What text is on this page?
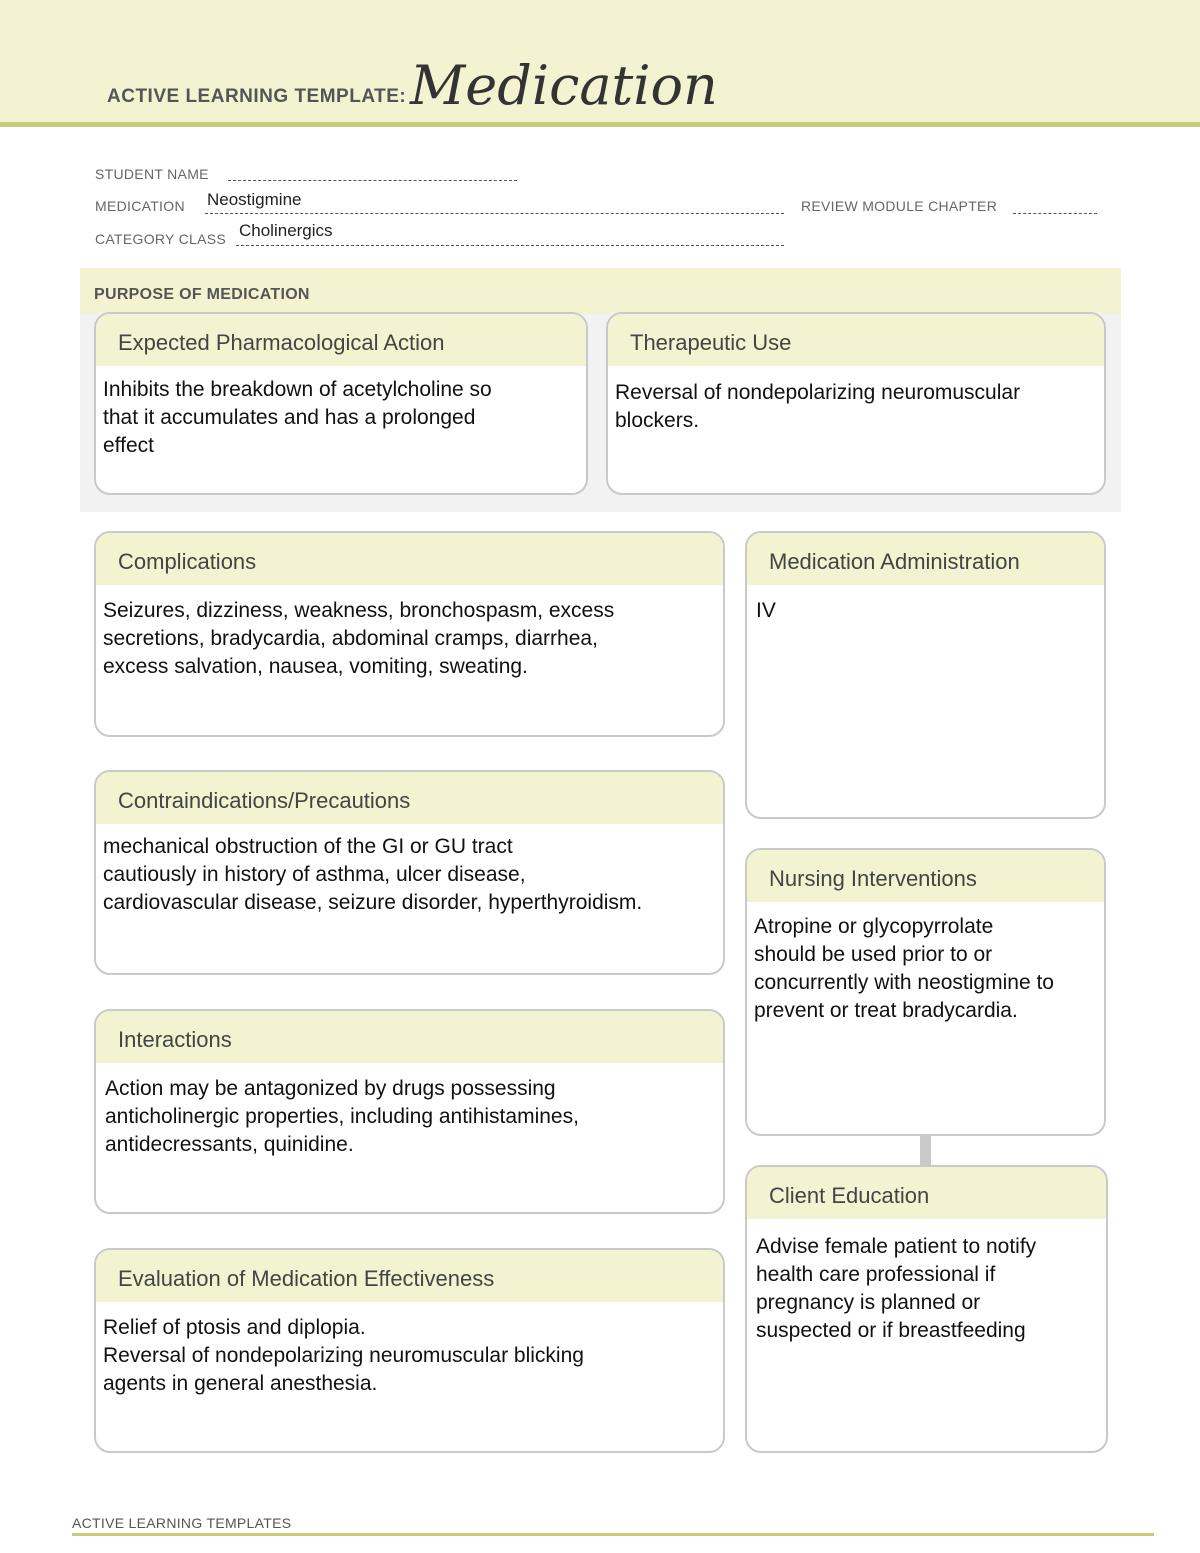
ACTIVE LEARNING TEMPLATE: Medication
STUDENT NAME
MEDICATION Neostigmine	REVIEW MODULE CHAPTER
CATEGORY CLASS Cholinergics
PURPOSE OF MEDICATION
Expected Pharmacological Action
Inhibits the breakdown of acetylcholine so
that it accumulates and has a prolonged
effect
Therapeutic Use
Reversal of nondepolarizing neuromuscular
blockers.
Complications
Seizures, dizziness, weakness, bronchospasm, excess
secretions, bradycardia, abdominal cramps, diarrhea,
excess salvation, nausea, vomiting, sweating.
Contraindications/Precautions
mechanical obstruction of the GI or GU tract
cautiously in history of asthma, ulcer disease,
cardiovascular disease, seizure disorder, hyperthyroidism.
Interactions
Action may be antagonized by drugs possessing
anticholinergic properties, including antihistamines,
antidecressants, quinidine.
Evaluation of Medication Effectiveness
Relief of ptosis and diplopia.
Reversal of nondepolarizing neuromuscular blicking
agents in general anesthesia.
Medication Administration
IV
Nursing Interventions
Atropine or glycopyrrolate
should be used prior to or
concurrently with neostigmine to
prevent or treat bradycardia.
Client Education
Advise female patient to notify
health care professional if
pregnancy is planned or
suspected or if breastfeeding
ACTIVE LEARNING TEMPLATES
